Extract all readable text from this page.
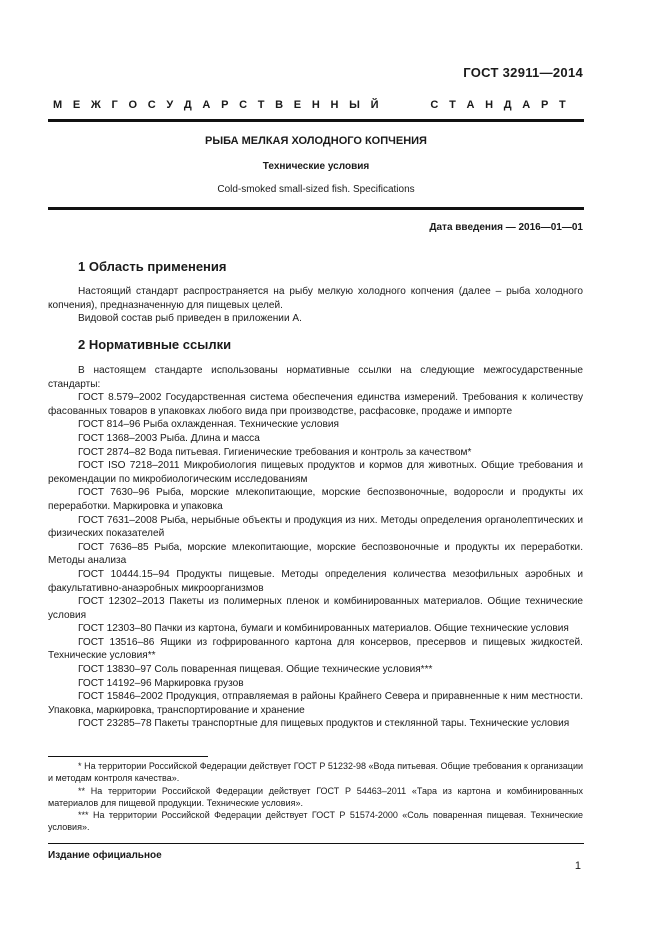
ГОСТ 32911—2014
М Е Ж Г О С У Д А Р С Т В Е Н Н Ы Й

	С Т А Н Д А Р Т
РЫБА МЕЛКАЯ ХОЛОДНОГО КОПЧЕНИЯ
Технические условия
Cold-smoked small-sized fish. Specifications
Дата введения — 2016—01—01
1 Область применения

Настоящий стандарт распространяется на рыбу мелкую холодного копчения (далее – рыба холодного копчения), предназначенную для пищевых целей.

Видовой состав рыб приведен в приложении А.

2 Нормативные ссылки

В настоящем стандарте использованы нормативные ссылки на следующие межгосударственные стандарты:

ГОСТ 8.579–2002 Государственная система обеспечения единства измерений. Требования к количеству фасованных товаров в упаковках любого вида при производстве, расфасовке, продаже и импорте

ГОСТ 814–96 Рыба охлажденная. Технические условия

ГОСТ 1368–2003 Рыба. Длина и масса

ГОСТ 2874–82 Вода питьевая. Гигиенические требования и контроль за качеством*

ГОСТ ISO 7218–2011 Микробиология пищевых продуктов и кормов для животных. Общие требования и рекомендации по микробиологическим исследованиям

ГОСТ 7630–96 Рыба, морские млекопитающие, морские беспозвоночные, водоросли и продукты их переработки. Маркировка и упаковка

ГОСТ 7631–2008 Рыба, нерыбные объекты и продукция из них. Методы определения органолептических и физических показателей

ГОСТ 7636–85 Рыба, морские млекопитающие, морские беспозвоночные и продукты их переработки. Методы анализа

ГОСТ 10444.15–94 Продукты пищевые. Методы определения количества мезофильных аэробных и факультативно-анаэробных микроорганизмов

ГОСТ 12302–2013 Пакеты из полимерных пленок и комбинированных материалов. Общие технические условия

ГОСТ 12303–80 Пачки из картона, бумаги и комбинированных материалов. Общие технические условия

ГОСТ 13516–86 Ящики из гофрированного картона для консервов, пресервов и пищевых жидкостей. Технические условия**

ГОСТ 13830–97 Соль поваренная пищевая. Общие технические условия***

ГОСТ 14192–96 Маркировка грузов

ГОСТ 15846–2002 Продукция, отправляемая в районы Крайнего Севера и приравненные к ним местности. Упаковка, маркировка, транспортирование и хранение

ГОСТ 23285–78 Пакеты транспортные для пищевых продуктов и стеклянной тары. Технические условия

* На территории Российской Федерации действует ГОСТ Р 51232-98 «Вода питьевая. Общие требования к организации и методам контроля качества».

** На территории Российской Федерации действует ГОСТ Р 54463–2011 «Тара из картона и комбинированных материалов для пищевой продукции. Технические условия».

*** На территории Российской Федерации действует ГОСТ Р 51574-2000 «Соль поваренная пищевая. Технические условия».

Издание официальное
1
